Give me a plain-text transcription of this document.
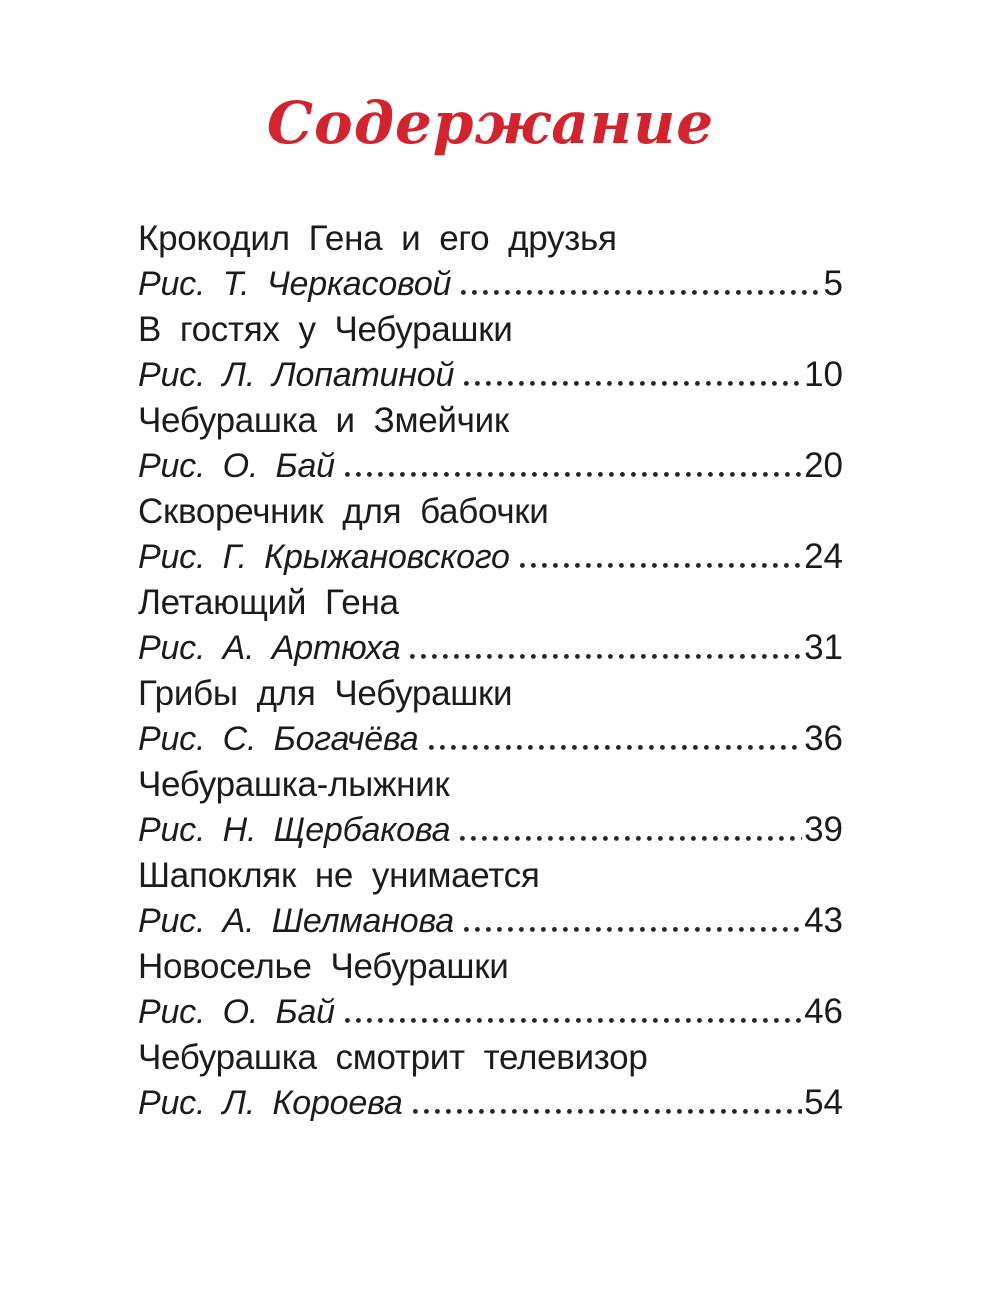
Содержание
Крокодил Гена и его друзья
Рис. Т. Черкасовой	5
В гостях у Чебурашки
Рис. Л. Лопатиной	10
Чебурашка и Змейчик
Рис. О. Бай	20
Скворечник для бабочки
Рис. Г. Крыжановского	24
Летающий Гена
Рис. А. Артюха	31
Грибы для Чебурашки
Рис. С. Богачёва	36
Чебурашка-лыжник
Рис. Н. Щербакова	39
Шапокляк не унимается
Рис. А. Шелманова	43
Новоселье Чебурашки
Рис. О. Бай	46
Чебурашка смотрит телевизор
Рис. Л. Короева	54
